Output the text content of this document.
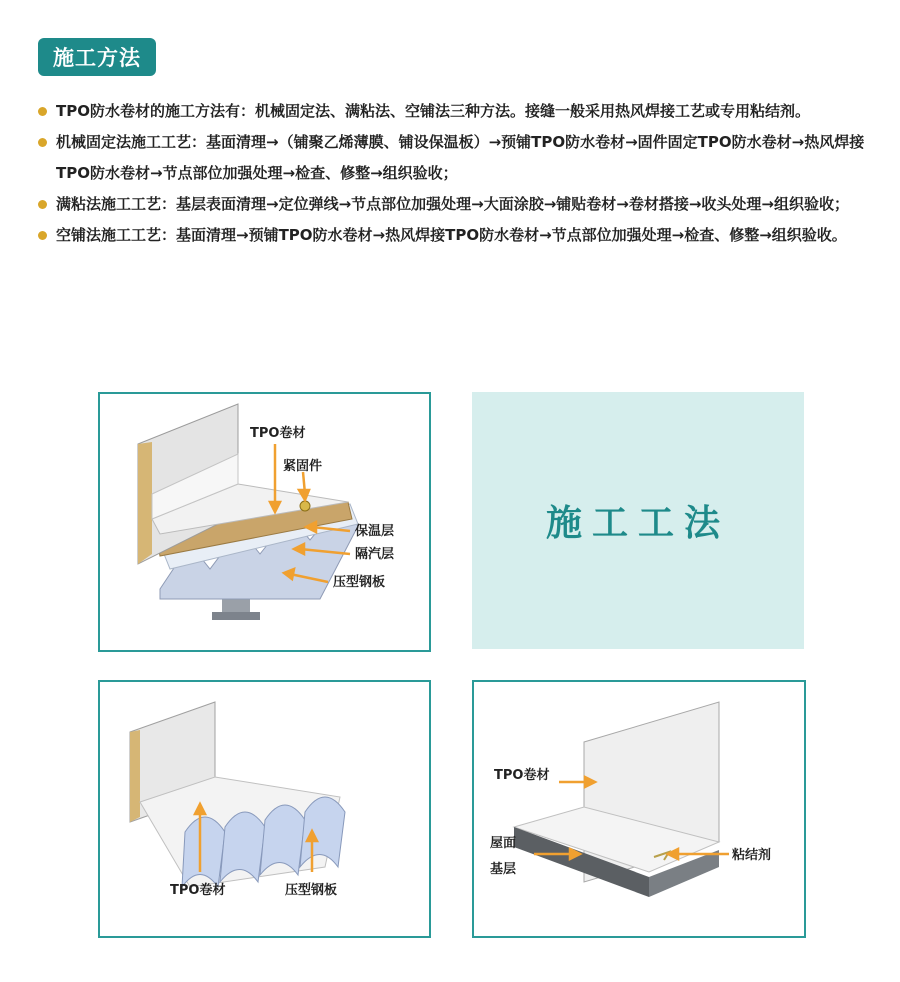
施工方法
TPO防水卷材的施工方法有：机械固定法、满粘法、空铺法三种方法。接缝一般采用热风焊接工艺或专用粘结剂。
机械固定法施工工艺：基面清理→（铺聚乙烯薄膜、铺设保温板）→预铺TPO防水卷材→固件固定TPO防水卷材→热风焊接TPO防水卷材→节点部位加强处理→检查、修整→组织验收；
满粘法施工工艺：基层表面清理→定位弹线→节点部位加强处理→大面涂胶→铺贴卷材→卷材搭接→收头处理→组织验收；
空铺法施工工艺：基面清理→预铺TPO防水卷材→热风焊接TPO防水卷材→节点部位加强处理→检查、修整→组织验收。
TPO卷材
紧固件
保温层
隔汽层
压型钢板
施工工法
TPO卷材	压型钢板
TPO卷材
屋面
基层
粘结剂
